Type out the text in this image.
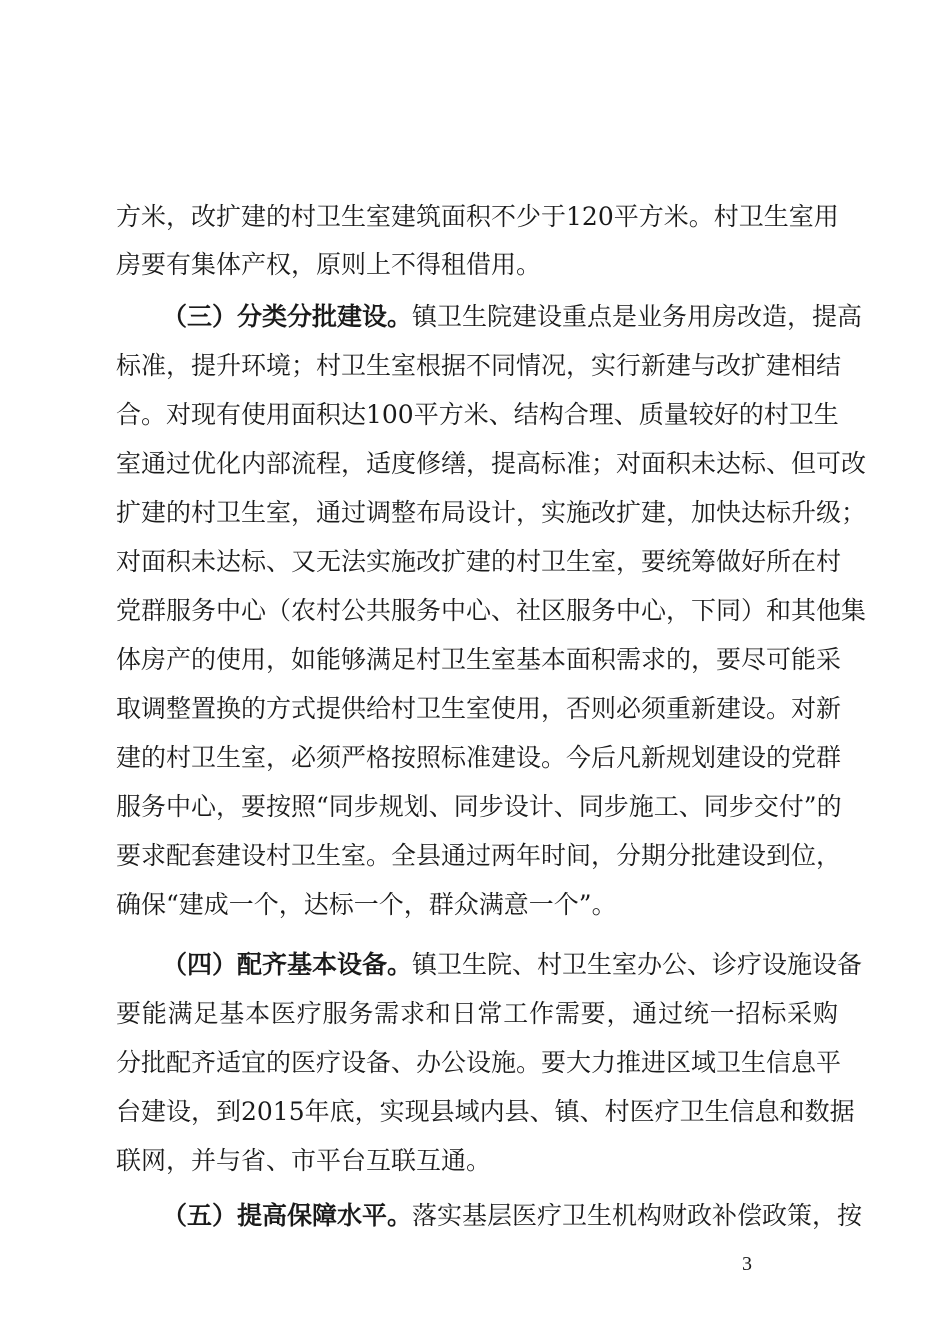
方米，改扩建的村卫生室建筑面积不少于120平方米。村卫生室用
房要有集体产权，原则上不得租借用。
（三）分类分批建设。镇卫生院建设重点是业务用房改造，提高
标准，提升环境；村卫生室根据不同情况，实行新建与改扩建相结
合。对现有使用面积达100平方米、结构合理、质量较好的村卫生
室通过优化内部流程，适度修缮，提高标准；对面积未达标、但可改
扩建的村卫生室，通过调整布局设计，实施改扩建，加快达标升级；
对面积未达标、又无法实施改扩建的村卫生室，要统筹做好所在村
党群服务中心（农村公共服务中心、社区服务中心，下同）和其他集
体房产的使用，如能够满足村卫生室基本面积需求的，要尽可能采
取调整置换的方式提供给村卫生室使用，否则必须重新建设。对新
建的村卫生室，必须严格按照标准建设。今后凡新规划建设的党群
服务中心，要按照“同步规划、同步设计、同步施工、同步交付”的
要求配套建设村卫生室。全县通过两年时间，分期分批建设到位，
确保“建成一个，达标一个，群众满意一个”。
（四）配齐基本设备。镇卫生院、村卫生室办公、诊疗设施设备
要能满足基本医疗服务需求和日常工作需要，通过统一招标采购
分批配齐适宜的医疗设备、办公设施。要大力推进区域卫生信息平
台建设，到2015年底，实现县域内县、镇、村医疗卫生信息和数据
联网，并与省、市平台互联互通。
（五）提高保障水平。落实基层医疗卫生机构财政补偿政策，按
3
